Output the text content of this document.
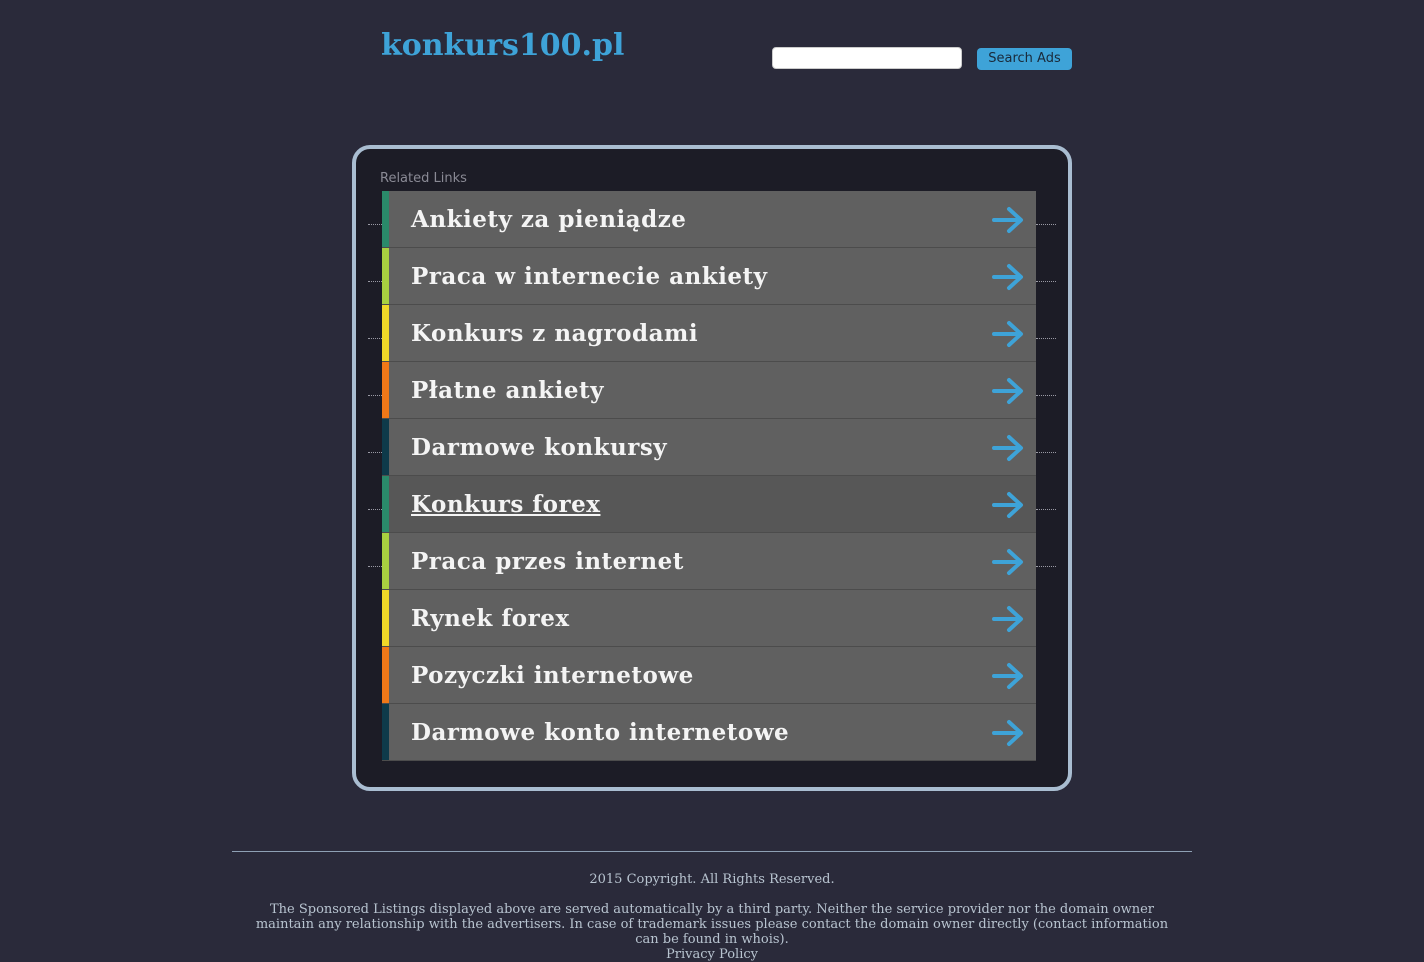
konkurs100.pl	Search Ads
Related Links
Ankiety za pieniądze
Praca w internecie ankiety
Konkurs z nagrodami
Płatne ankiety
Darmowe konkursy
Konkurs forex
Praca przes internet
Rynek forex
Pozyczki internetowe
Darmowe konto internetowe
2015 Copyright. All Rights Reserved.
The Sponsored Listings displayed above are served automatically by a third party. Neither the service provider nor the domain owner maintain any relationship with the advertisers. In case of trademark issues please contact the domain owner directly (contact information can be found in whois).
Privacy Policy
